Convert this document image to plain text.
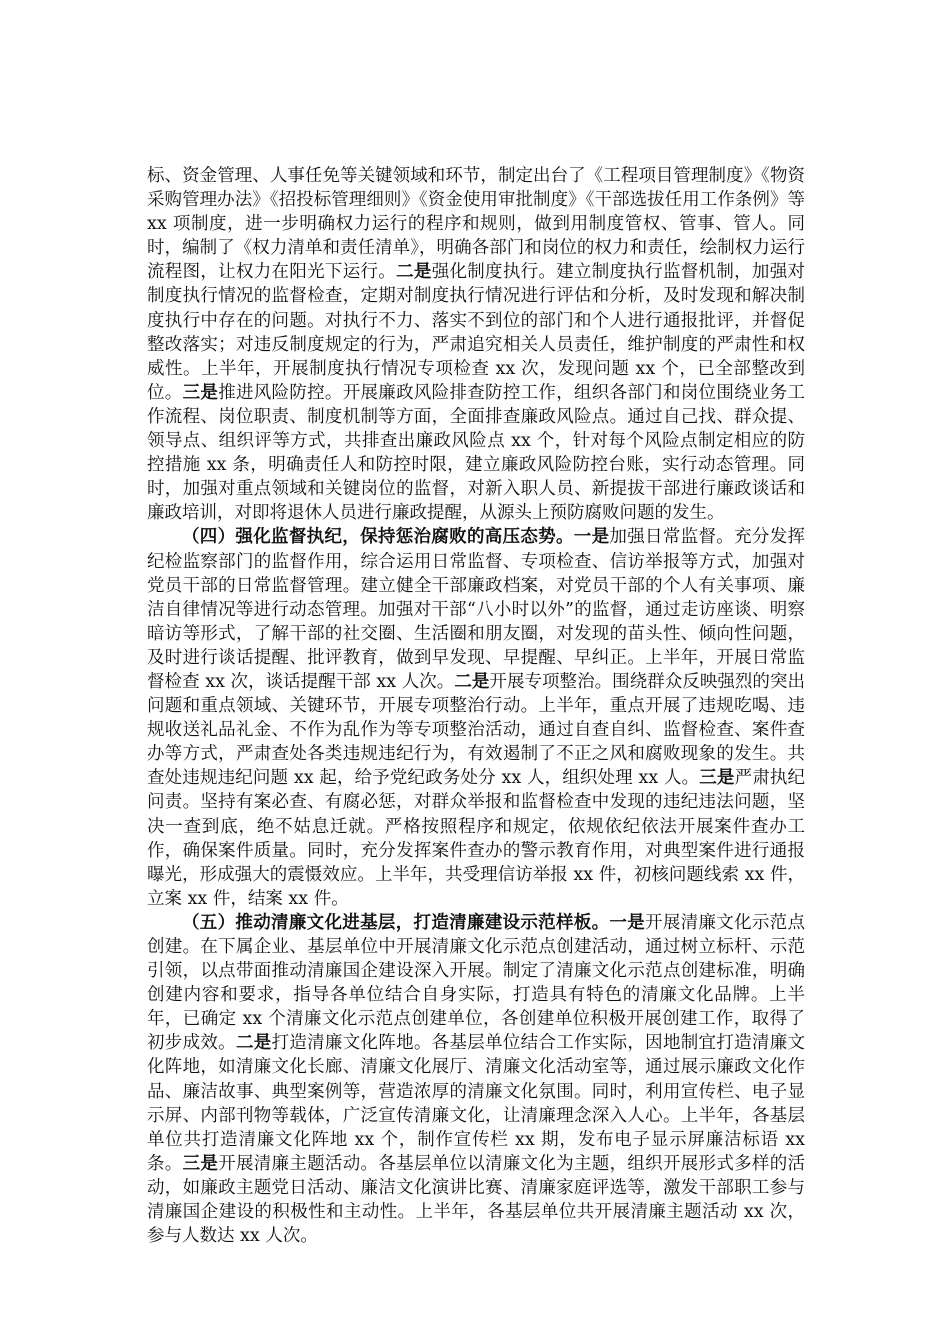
标、资金管理、人事任免等关键领域和环节，制定出台了《工程项目管理制度》《物资采购管理办法》《招投标管理细则》《资金使用审批制度》《干部选拔任用工作条例》等 xx 项制度，进一步明确权力运行的程序和规则，做到用制度管权、管事、管人。同时，编制了《权力清单和责任清单》，明确各部门和岗位的权力和责任，绘制权力运行流程图，让权力在阳光下运行。二是强化制度执行。建立制度执行监督机制，加强对制度执行情况的监督检查，定期对制度执行情况进行评估和分析，及时发现和解决制度执行中存在的问题。对执行不力、落实不到位的部门和个人进行通报批评，并督促整改落实；对违反制度规定的行为，严肃追究相关人员责任，维护制度的严肃性和权威性。上半年，开展制度执行情况专项检查 xx 次，发现问题 xx 个，已全部整改到位。三是推进风险防控。开展廉政风险排查防控工作，组织各部门和岗位围绕业务工作流程、岗位职责、制度机制等方面，全面排查廉政风险点。通过自己找、群众提、领导点、组织评等方式，共排查出廉政风险点 xx 个，针对每个风险点制定相应的防控措施 xx 条，明确责任人和防控时限，建立廉政风险防控台账，实行动态管理。同时，加强对重点领域和关键岗位的监督，对新入职人员、新提拔干部进行廉政谈话和廉政培训，对即将退休人员进行廉政提醒，从源头上预防腐败问题的发生。

（四）强化监督执纪，保持惩治腐败的高压态势。一是加强日常监督。充分发挥纪检监察部门的监督作用，综合运用日常监督、专项检查、信访举报等方式，加强对党员干部的日常监督管理。建立健全干部廉政档案，对党员干部的个人有关事项、廉洁自律情况等进行动态管理。加强对干部“八小时以外”的监督，通过走访座谈、明察暗访等形式，了解干部的社交圈、生活圈和朋友圈，对发现的苗头性、倾向性问题，及时进行谈话提醒、批评教育，做到早发现、早提醒、早纠正。上半年，开展日常监督检查 xx 次，谈话提醒干部 xx 人次。二是开展专项整治。围绕群众反映强烈的突出问题和重点领域、关键环节，开展专项整治行动。上半年，重点开展了违规吃喝、违规收送礼品礼金、不作为乱作为等专项整治活动，通过自查自纠、监督检查、案件查办等方式，严肃查处各类违规违纪行为，有效遏制了不正之风和腐败现象的发生。共查处违规违纪问题 xx 起，给予党纪政务处分 xx 人，组织处理 xx 人。三是严肃执纪问责。坚持有案必查、有腐必惩，对群众举报和监督检查中发现的违纪违法问题，坚决一查到底，绝不姑息迁就。严格按照程序和规定，依规依纪依法开展案件查办工作，确保案件质量。同时，充分发挥案件查办的警示教育作用，对典型案件进行通报曝光，形成强大的震慑效应。上半年，共受理信访举报 xx 件，初核问题线索 xx 件，立案 xx 件，结案 xx 件。

（五）推动清廉文化进基层，打造清廉建设示范样板。一是开展清廉文化示范点创建。在下属企业、基层单位中开展清廉文化示范点创建活动，通过树立标杆、示范引领，以点带面推动清廉国企建设深入开展。制定了清廉文化示范点创建标准，明确创建内容和要求，指导各单位结合自身实际，打造具有特色的清廉文化品牌。上半年，已确定 xx 个清廉文化示范点创建单位，各创建单位积极开展创建工作，取得了初步成效。二是打造清廉文化阵地。各基层单位结合工作实际，因地制宜打造清廉文化阵地，如清廉文化长廊、清廉文化展厅、清廉文化活动室等，通过展示廉政文化作品、廉洁故事、典型案例等，营造浓厚的清廉文化氛围。同时，利用宣传栏、电子显示屏、内部刊物等载体，广泛宣传清廉文化，让清廉理念深入人心。上半年，各基层单位共打造清廉文化阵地 xx 个，制作宣传栏 xx 期，发布电子显示屏廉洁标语 xx 条。三是开展清廉主题活动。各基层单位以清廉文化为主题，组织开展形式多样的活动，如廉政主题党日活动、廉洁文化演讲比赛、清廉家庭评选等，激发干部职工参与清廉国企建设的积极性和主动性。上半年，各基层单位共开展清廉主题活动 xx 次，参与人数达 xx 人次。
